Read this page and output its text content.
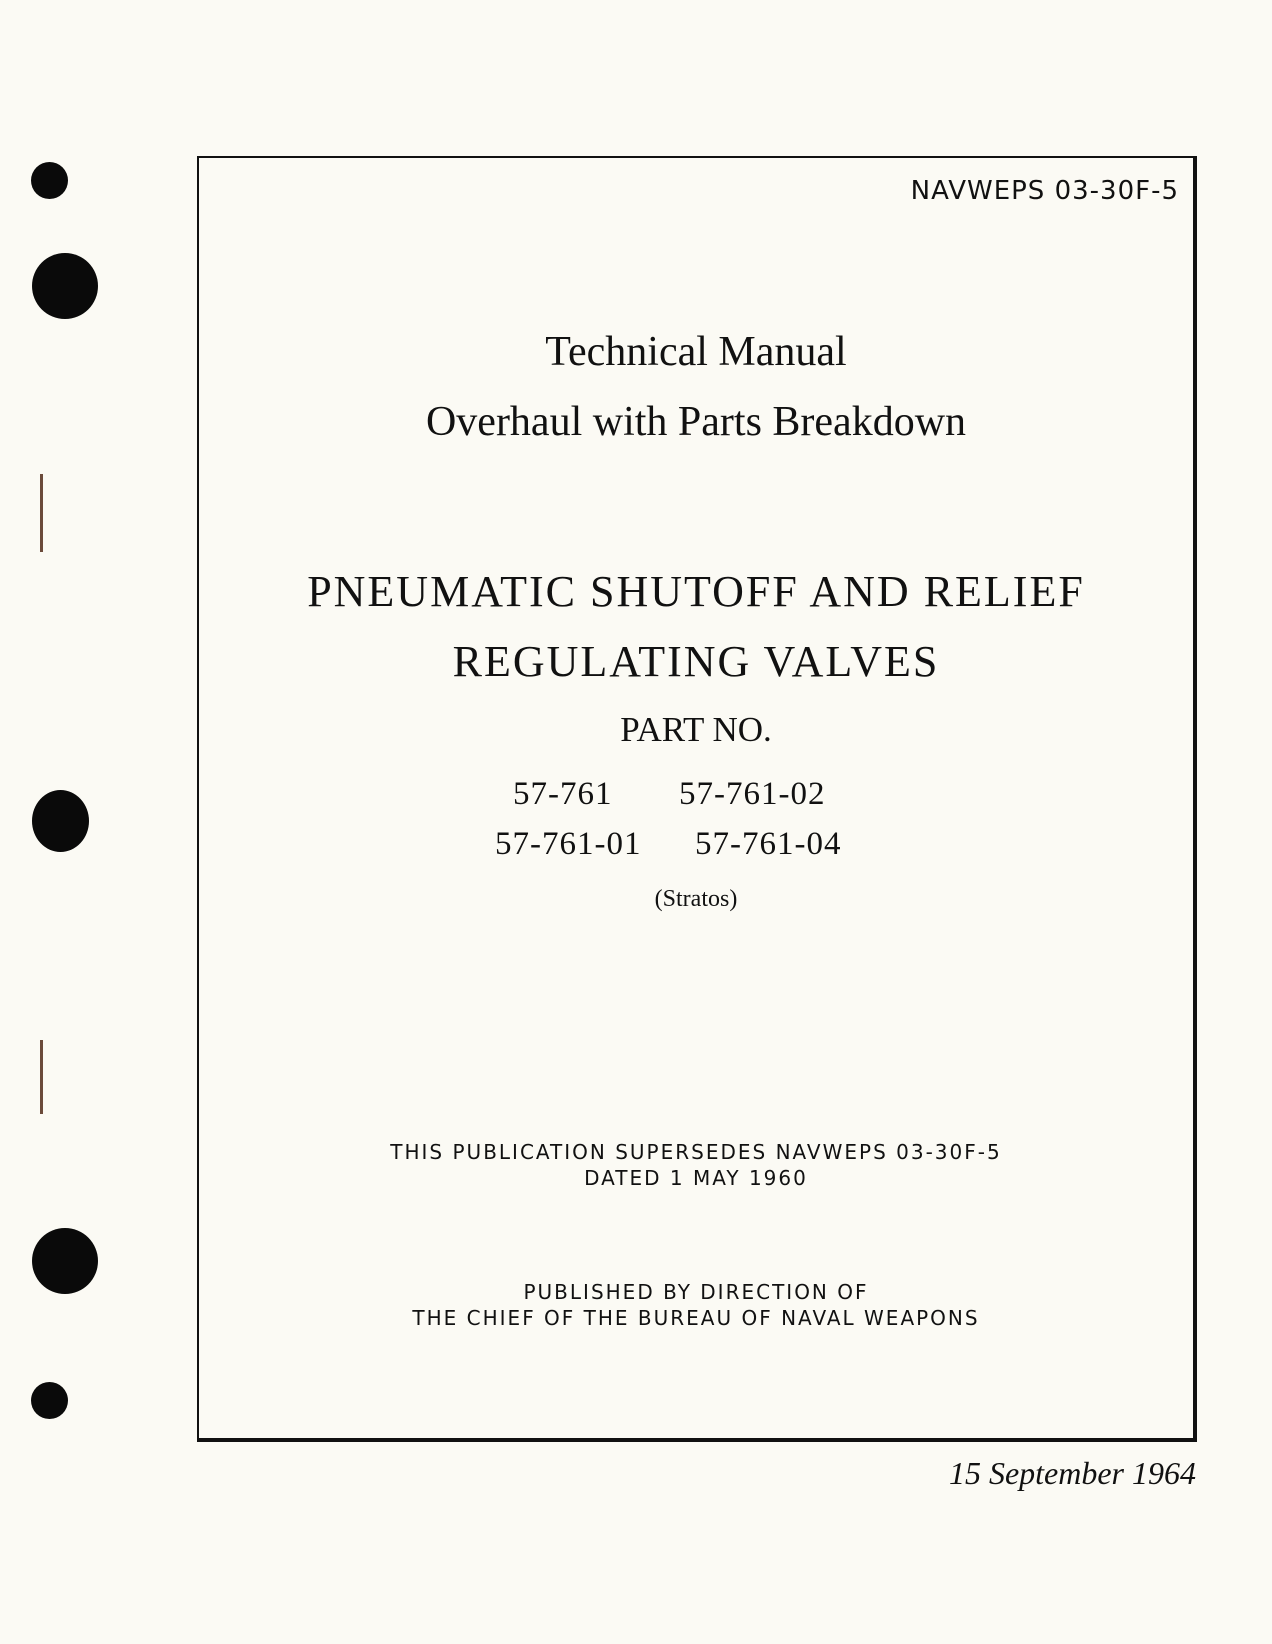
NAVWEPS 03-30F-5
Technical Manual
Overhaul with Parts Breakdown
PNEUMATIC SHUTOFF AND RELIEF
REGULATING VALVES
PART NO.
57-761 57-761-02
57-761-01 57-761-04
(Stratos)
THIS PUBLICATION SUPERSEDES NAVWEPS 03-30F-5
DATED 1 MAY 1960
PUBLISHED BY DIRECTION OF
THE CHIEF OF THE BUREAU OF NAVAL WEAPONS
15 September 1964
